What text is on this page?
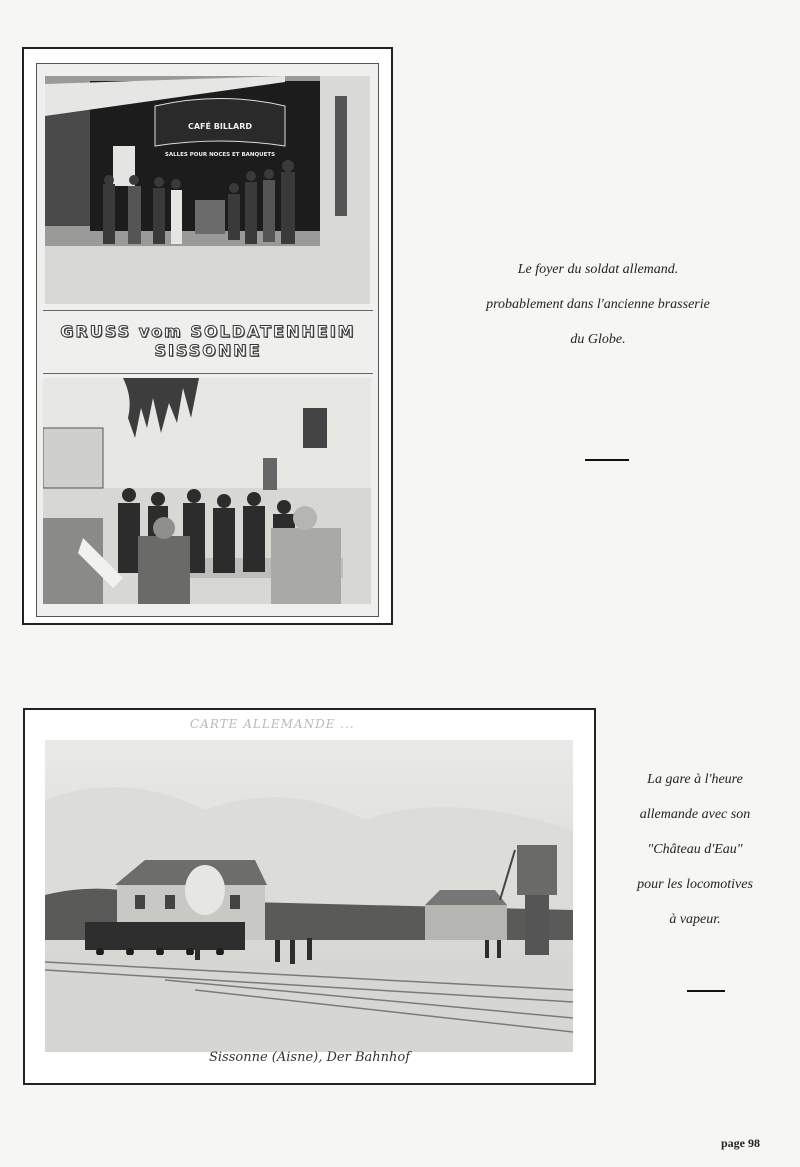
CAFÉ BILLARD
SALLES POUR NOCES ET BANQUETS
GRUSS vom SOLDATENHEIM
SISSONNE
Le foyer du soldat allemand.
probablement dans l'ancienne brasserie
du Globe.
CARTE ALLEMANDE ...
Sissonne (Aisne), Der Bahnhof
La gare à l'heure
allemande avec son
"Château d'Eau"
pour les locomotives
à vapeur.
page 98
